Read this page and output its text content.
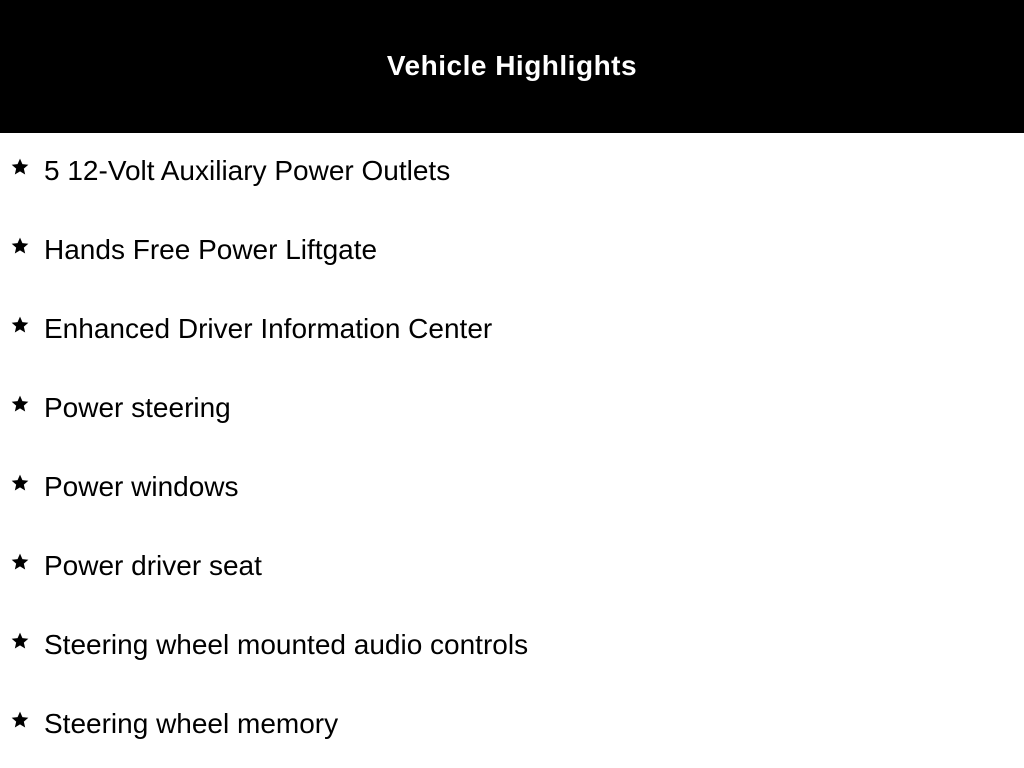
Vehicle Highlights
5 12-Volt Auxiliary Power Outlets
Hands Free Power Liftgate
Enhanced Driver Information Center
Power steering
Power windows
Power driver seat
Steering wheel mounted audio controls
Steering wheel memory
